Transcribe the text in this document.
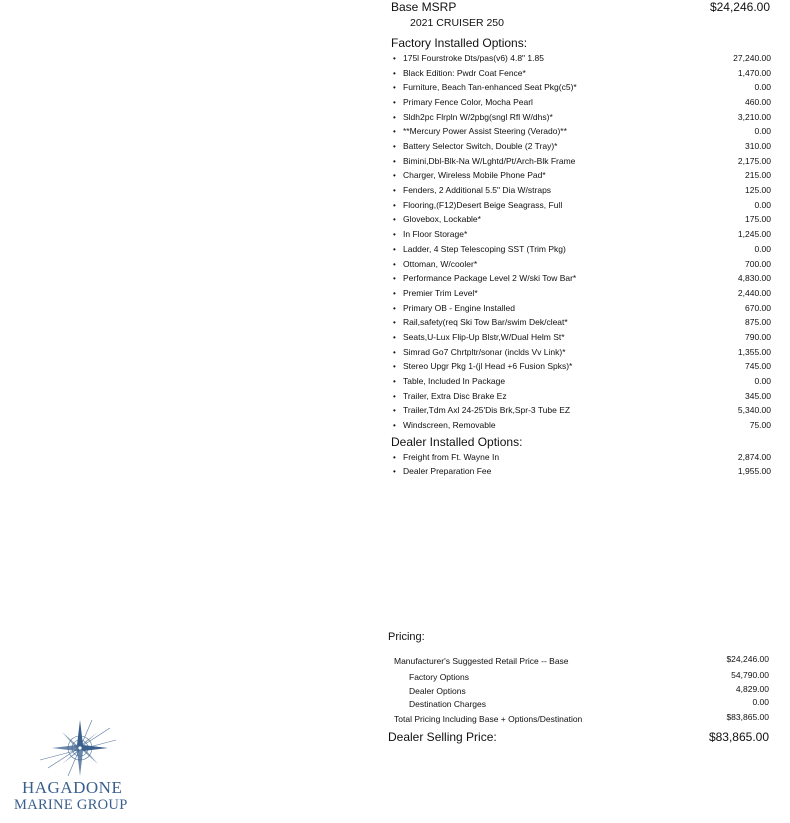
Base MSRP	$24,246.00
2021 CRUISER 250
Factory Installed Options:
• 175l Fourstroke Dts/pas(v6) 4.8" 1.85	27,240.00
• Black Edition: Pwdr Coat Fence*	1,470.00
• Furniture, Beach Tan-enhanced Seat Pkg(c5)*	0.00
• Primary Fence Color, Mocha Pearl	460.00
• Sldh2pc Flrpln W/2pbg(sngl Rfl W/dhs)*	3,210.00
• **Mercury Power Assist Steering (Verado)**	0.00
• Battery Selector Switch, Double (2 Tray)*	310.00
• Bimini,Dbl-Blk-Na W/Lghtd/Pt/Arch-Blk Frame	2,175.00
• Charger, Wireless Mobile Phone Pad*	215.00
• Fenders, 2 Additional 5.5" Dia W/straps	125.00
• Flooring,(F12)Desert Beige Seagrass, Full	0.00
• Glovebox, Lockable*	175.00
• In Floor Storage*	1,245.00
• Ladder, 4 Step Telescoping SST (Trim Pkg)	0.00
• Ottoman, W/cooler*	700.00
• Performance Package Level 2 W/ski Tow Bar*	4,830.00
• Premier Trim Level*	2,440.00
• Primary OB - Engine Installed	670.00
• Rail,safety(req Ski Tow Bar/swim Dek/cleat*	875.00
• Seats,U-Lux Flip-Up Blstr,W/Dual Helm St*	790.00
• Simrad Go7 Chrtpltr/sonar (inclds Vv Link)*	1,355.00
• Stereo Upgr Pkg 1-(jl Head +6 Fusion Spks)*	745.00
• Table, Included In Package	0.00
• Trailer, Extra Disc Brake Ez	345.00
• Trailer,Tdm Axl 24-25'Dis Brk,Spr-3 Tube EZ	5,340.00
• Windscreen, Removable	75.00
Dealer Installed Options:
• Freight from Ft. Wayne In	2,874.00
• Dealer Preparation Fee	1,955.00
Pricing:
Manufacturer's Suggested Retail Price -- Base	$24,246.00
Factory Options	54,790.00
Dealer Options	4,829.00
Destination Charges	0.00
Total Pricing Including Base + Options/Destination	$83,865.00
Dealer Selling Price:	$83,865.00
HAGADONE
MARINE GROUP
